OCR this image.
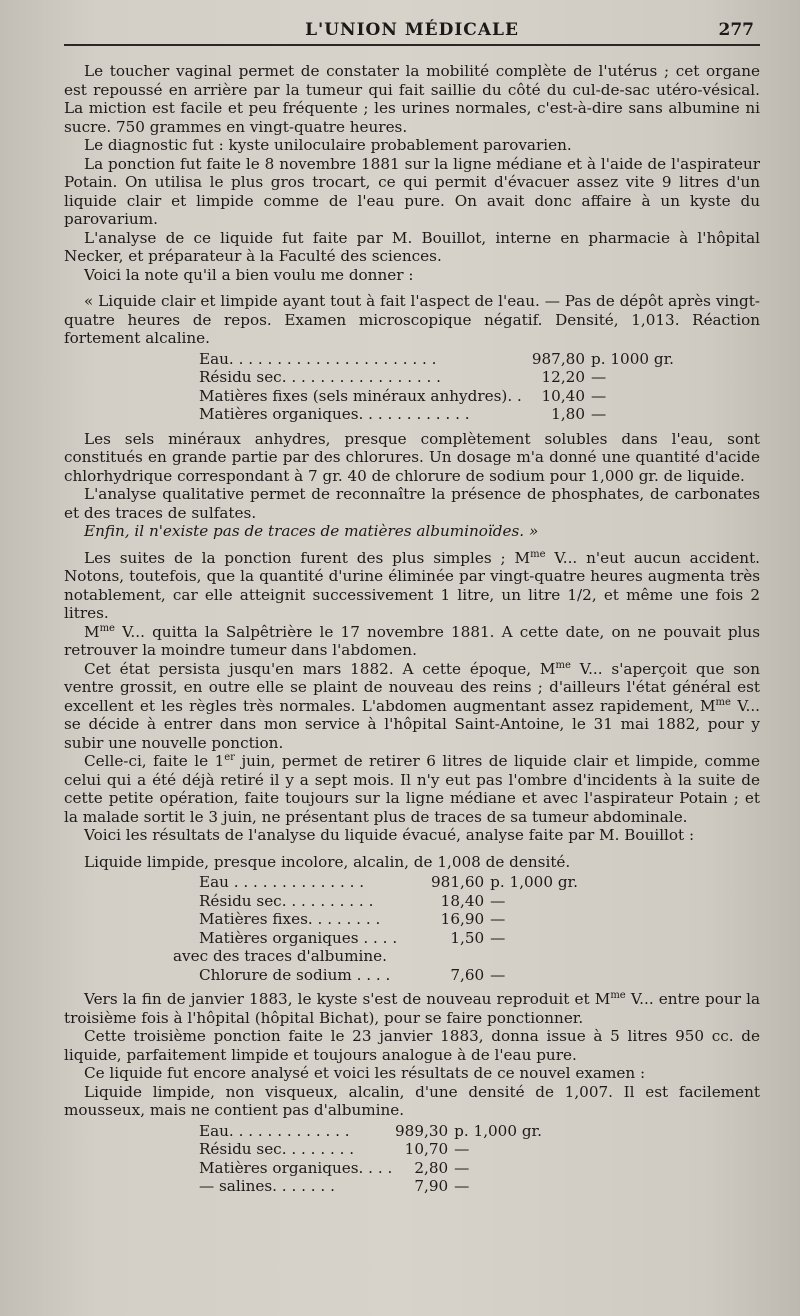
L'UNION MÉDICALE	277

Le toucher vaginal permet de constater la mobilité complète de l'utérus ; cet organe est repoussé en arrière par la tumeur qui fait saillie du côté du cul-de-sac utéro-vésical. La miction est facile et peu fréquente ; les urines normales, c'est-à-dire sans albumine ni sucre. 750 grammes en vingt-quatre heures.

Le diagnostic fut : kyste uniloculaire probablement parovarien.

La ponction fut faite le 8 novembre 1881 sur la ligne médiane et à l'aide de l'aspirateur Potain. On utilisa le plus gros trocart, ce qui permit d'évacuer assez vite 9 litres d'un liquide clair et limpide comme de l'eau pure. On avait donc affaire à un kyste du parovarium.

L'analyse de ce liquide fut faite par M. Bouillot, interne en pharmacie à l'hôpital Necker, et préparateur à la Faculté des sciences.

Voici la note qu'il a bien voulu me donner :

« Liquide clair et limpide ayant tout à fait l'aspect de l'eau. — Pas de dépôt après vingt-quatre heures de repos. Examen microscopique négatif. Densité, 1,013. Réaction fortement alcaline.

Eau. . . . . . . . . . . . . . . . . . . . . .	987,80	p. 1000 gr.
Résidu sec. . . . . . . . . . . . . . . . .	12,20	—
Matières fixes (sels minéraux anhydres). .	10,40	—
Matières organiques. . . . . . . . . . . .	1,80	—

Les sels minéraux anhydres, presque complètement solubles dans l'eau, sont constitués en grande partie par des chlorures. Un dosage m'a donné une quantité d'acide chlorhydrique correspondant à 7 gr. 40 de chlorure de sodium pour 1,000 gr. de liquide.

L'analyse qualitative permet de reconnaître la présence de phosphates, de carbonates et des traces de sulfates.

Enfin, il n'existe pas de traces de matières albuminoïdes. »

Les suites de la ponction furent des plus simples ; $M^{me}$ V... n'eut aucun accident. Notons, toutefois, que la quantité d'urine éliminée par vingt-quatre heures augmenta très notablement, car elle atteignit successivement 1 litre, un litre 1/2, et même une fois 2 litres.

$M^{me}$ V... quitta la Salpêtrière le 17 novembre 1881. A cette date, on ne pouvait plus retrouver la moindre tumeur dans l'abdomen.

Cet état persista jusqu'en mars 1882. A cette époque, $M^{me}$ V... s'aperçoit que son ventre grossit, en outre elle se plaint de nouveau des reins ; d'ailleurs l'état général est excellent et les règles très normales. L'abdomen augmentant assez rapidement, $M^{me}$ V... se décide à entrer dans mon service à l'hôpital Saint-Antoine, le 31 mai 1882, pour y subir une nouvelle ponction.

Celle-ci, faite le 1er juin, permet de retirer 6 litres de liquide clair et limpide, comme celui qui a été déjà retiré il y a sept mois. Il n'y eut pas l'ombre d'incidents à la suite de cette petite opération, faite toujours sur la ligne médiane et avec l'aspirateur Potain ; et la malade sortit le 3 juin, ne présentant plus de traces de sa tumeur abdominale.

Voici les résultats de l'analyse du liquide évacué, analyse faite par M. Bouillot :

Liquide limpide, presque incolore, alcalin, de 1,008 de densité.

Eau . . . . . . . . . . . . . .	981,60	p. 1,000 gr.
Résidu sec. . . . . . . . . .	18,40	—
Matières fixes. . . . . . . .	16,90	—
Matières organiques . . . .	1,50	—
avec des traces d'albumine.		
Chlorure de sodium . . . .	7,60	—

Vers la fin de janvier 1883, le kyste s'est de nouveau reproduit et $M^{me}$ V... entre pour la troisième fois à l'hôpital (hôpital Bichat), pour se faire ponctionner.

Cette troisième ponction faite le 23 janvier 1883, donna issue à 5 litres 950 cc. de liquide, parfaitement limpide et toujours analogue à de l'eau pure.

Ce liquide fut encore analysé et voici les résultats de ce nouvel examen :

Liquide limpide, non visqueux, alcalin, d'une densité de 1,007. Il est facilement mousseux, mais ne contient pas d'albumine.

Eau. . . . . . . . . . . . .	989,30	p. 1,000 gr.
Résidu sec. . . . . . . .	10,70	—
Matières organiques. . . .	2,80	—
— salines. . . . . . .	7,90	—
